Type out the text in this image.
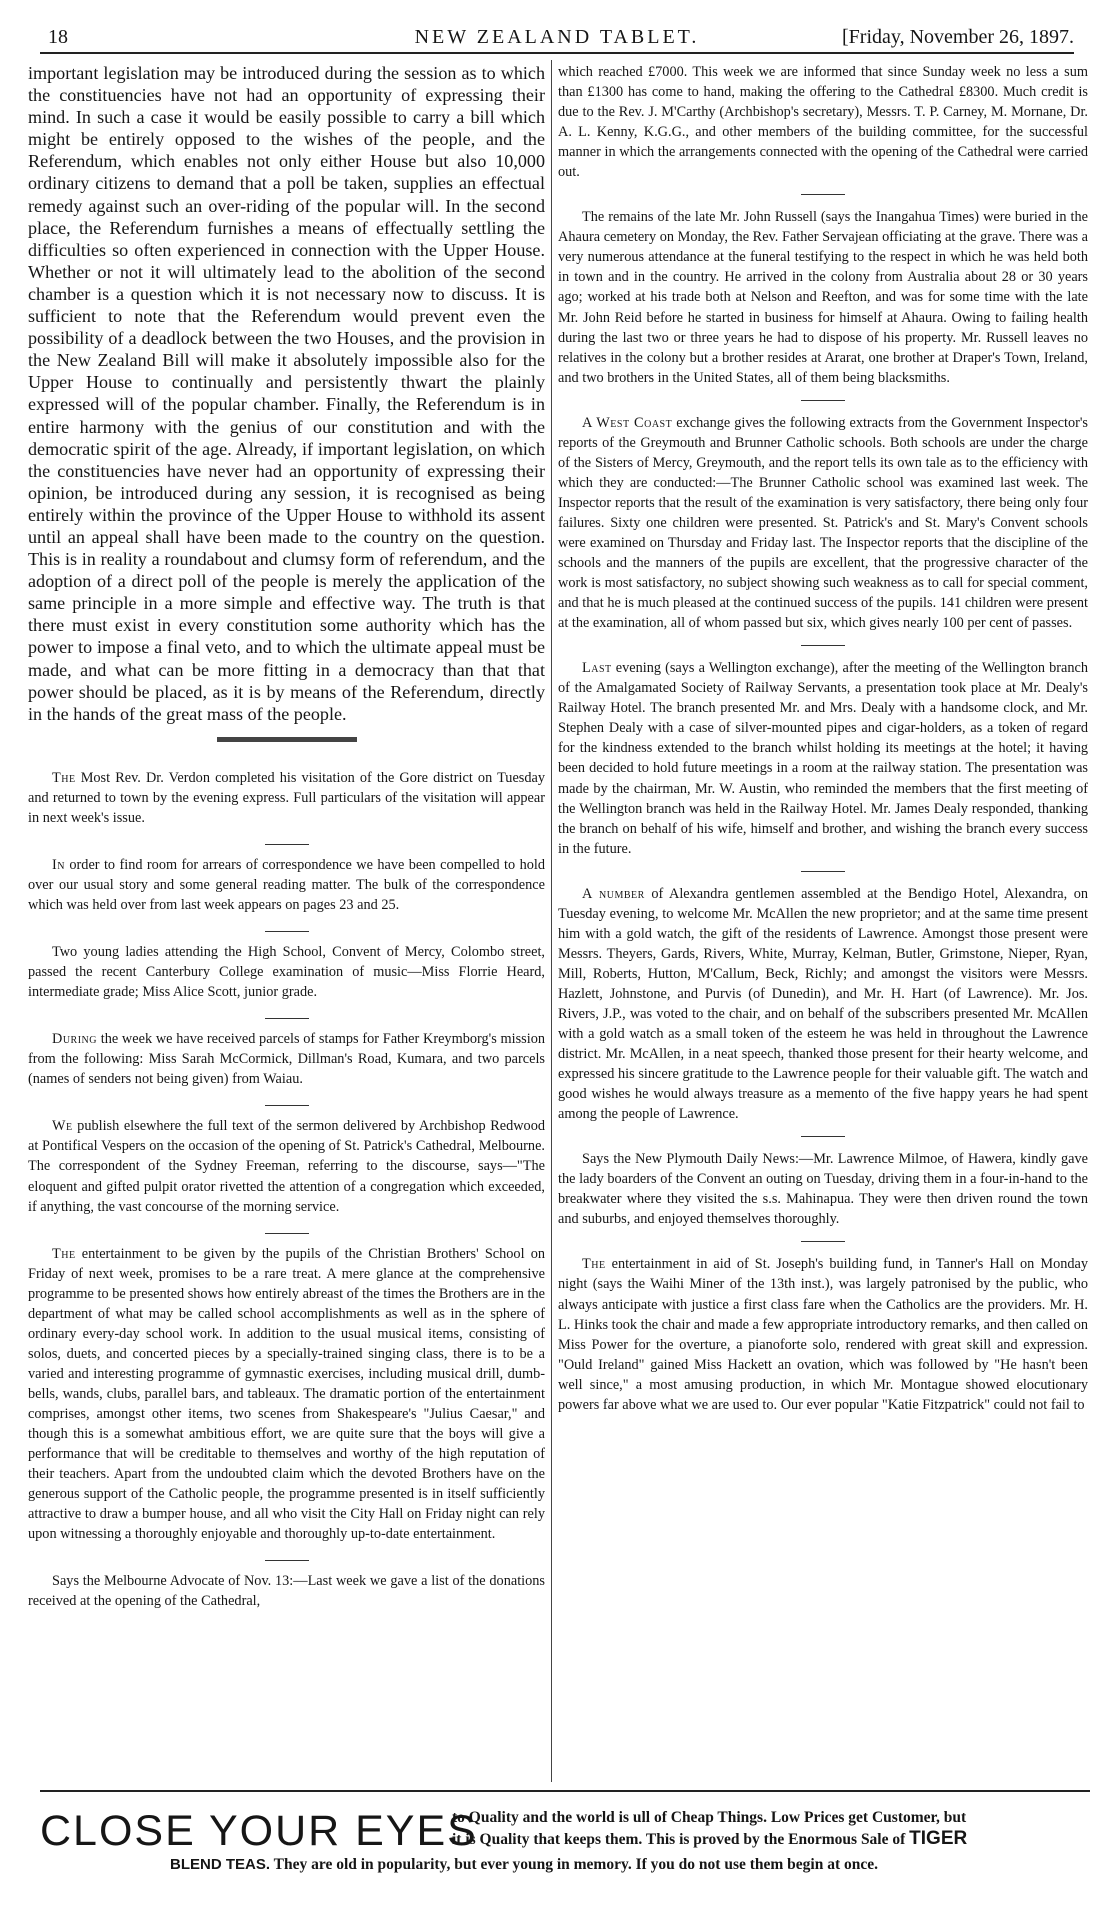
18	NEW ZEALAND TABLET.	[Friday, November 26, 1897.

important legislation may be introduced during the session as to which the constituencies have not had an opportunity of expressing their mind. In such a case it would be easily possible to carry a bill which might be entirely opposed to the wishes of the people, and the Referendum, which enables not only either House but also 10,000 ordinary citizens to demand that a poll be taken, supplies an effectual remedy against such an over-riding of the popular will. In the second place, the Referendum furnishes a means of effectually settling the difficulties so often experienced in connection with the Upper House. Whether or not it will ultimately lead to the abolition of the second chamber is a question which it is not necessary now to discuss. It is sufficient to note that the Referendum would prevent even the possibility of a deadlock between the two Houses, and the provision in the New Zealand Bill will make it absolutely impossible also for the Upper House to continually and persistently thwart the plainly expressed will of the popular chamber. Finally, the Referendum is in entire harmony with the genius of our constitution and with the democratic spirit of the age. Already, if important legislation, on which the constituencies have never had an opportunity of expressing their opinion, be introduced during any session, it is recognised as being entirely within the province of the Upper House to withhold its assent until an appeal shall have been made to the country on the question. This is in reality a roundabout and clumsy form of referendum, and the adoption of a direct poll of the people is merely the application of the same principle in a more simple and effective way. The truth is that there must exist in every constitution some authority which has the power to impose a final veto, and to which the ultimate appeal must be made, and what can be more fitting in a democracy than that that power should be placed, as it is by means of the Referendum, directly in the hands of the great mass of the people.

The Most Rev. Dr. Verdon completed his visitation of the Gore district on Tuesday and returned to town by the evening express. Full particulars of the visitation will appear in next week's issue.

In order to find room for arrears of correspondence we have been compelled to hold over our usual story and some general reading matter. The bulk of the correspondence which was held over from last week appears on pages 23 and 25.

Two young ladies attending the High School, Convent of Mercy, Colombo street, passed the recent Canterbury College examination of music—Miss Florrie Heard, intermediate grade; Miss Alice Scott, junior grade.

During the week we have received parcels of stamps for Father Kreymborg's mission from the following: Miss Sarah McCormick, Dillman's Road, Kumara, and two parcels (names of senders not being given) from Waiau.

We publish elsewhere the full text of the sermon delivered by Archbishop Redwood at Pontifical Vespers on the occasion of the opening of St. Patrick's Cathedral, Melbourne. The correspondent of the Sydney Freeman, referring to the discourse, says—"The eloquent and gifted pulpit orator rivetted the attention of a congregation which exceeded, if anything, the vast concourse of the morning service.

The entertainment to be given by the pupils of the Christian Brothers' School on Friday of next week, promises to be a rare treat. A mere glance at the comprehensive programme to be presented shows how entirely abreast of the times the Brothers are in the department of what may be called school accomplishments as well as in the sphere of ordinary every-day school work. In addition to the usual musical items, consisting of solos, duets, and concerted pieces by a specially-trained singing class, there is to be a varied and interesting programme of gymnastic exercises, including musical drill, dumb-bells, wands, clubs, parallel bars, and tableaux. The dramatic portion of the entertainment comprises, amongst other items, two scenes from Shakespeare's "Julius Caesar," and though this is a somewhat ambitious effort, we are quite sure that the boys will give a performance that will be creditable to themselves and worthy of the high reputation of their teachers. Apart from the undoubted claim which the devoted Brothers have on the generous support of the Catholic people, the programme presented is in itself sufficiently attractive to draw a bumper house, and all who visit the City Hall on Friday night can rely upon witnessing a thoroughly enjoyable and thoroughly up-to-date entertainment.

Says the Melbourne Advocate of Nov. 13:—Last week we gave a list of the donations received at the opening of the Cathedral,

which reached £7000. This week we are informed that since Sunday week no less a sum than £1300 has come to hand, making the offering to the Cathedral £8300. Much credit is due to the Rev. J. M'Carthy (Archbishop's secretary), Messrs. T. P. Carney, M. Mornane, Dr. A. L. Kenny, K.G.G., and other members of the building committee, for the successful manner in which the arrangements connected with the opening of the Cathedral were carried out.

The remains of the late Mr. John Russell (says the Inangahua Times) were buried in the Ahaura cemetery on Monday, the Rev. Father Servajean officiating at the grave. There was a very numerous attendance at the funeral testifying to the respect in which he was held both in town and in the country. He arrived in the colony from Australia about 28 or 30 years ago; worked at his trade both at Nelson and Reefton, and was for some time with the late Mr. John Reid before he started in business for himself at Ahaura. Owing to failing health during the last two or three years he had to dispose of his property. Mr. Russell leaves no relatives in the colony but a brother resides at Ararat, one brother at Draper's Town, Ireland, and two brothers in the United States, all of them being blacksmiths.

A West Coast exchange gives the following extracts from the Government Inspector's reports of the Greymouth and Brunner Catholic schools. Both schools are under the charge of the Sisters of Mercy, Greymouth, and the report tells its own tale as to the efficiency with which they are conducted:—The Brunner Catholic school was examined last week. The Inspector reports that the result of the examination is very satisfactory, there being only four failures. Sixty one children were presented. St. Patrick's and St. Mary's Convent schools were examined on Thursday and Friday last. The Inspector reports that the discipline of the schools and the manners of the pupils are excellent, that the progressive character of the work is most satisfactory, no subject showing such weakness as to call for special comment, and that he is much pleased at the continued success of the pupils. 141 children were present at the examination, all of whom passed but six, which gives nearly 100 per cent of passes.

Last evening (says a Wellington exchange), after the meeting of the Wellington branch of the Amalgamated Society of Railway Servants, a presentation took place at Mr. Dealy's Railway Hotel. The branch presented Mr. and Mrs. Dealy with a handsome clock, and Mr. Stephen Dealy with a case of silver-mounted pipes and cigar-holders, as a token of regard for the kindness extended to the branch whilst holding its meetings at the hotel; it having been decided to hold future meetings in a room at the railway station. The presentation was made by the chairman, Mr. W. Austin, who reminded the members that the first meeting of the Wellington branch was held in the Railway Hotel. Mr. James Dealy responded, thanking the branch on behalf of his wife, himself and brother, and wishing the branch every success in the future.

A number of Alexandra gentlemen assembled at the Bendigo Hotel, Alexandra, on Tuesday evening, to welcome Mr. McAllen the new proprietor; and at the same time present him with a gold watch, the gift of the residents of Lawrence. Amongst those present were Messrs. Theyers, Gards, Rivers, White, Murray, Kelman, Butler, Grimstone, Nieper, Ryan, Mill, Roberts, Hutton, M'Callum, Beck, Richly; and amongst the visitors were Messrs. Hazlett, Johnstone, and Purvis (of Dunedin), and Mr. H. Hart (of Lawrence). Mr. Jos. Rivers, J.P., was voted to the chair, and on behalf of the subscribers presented Mr. McAllen with a gold watch as a small token of the esteem he was held in throughout the Lawrence district. Mr. McAllen, in a neat speech, thanked those present for their hearty welcome, and expressed his sincere gratitude to the Lawrence people for their valuable gift. The watch and good wishes he would always treasure as a memento of the five happy years he had spent among the people of Lawrence.

Says the New Plymouth Daily News:—Mr. Lawrence Milmoe, of Hawera, kindly gave the lady boarders of the Convent an outing on Tuesday, driving them in a four-in-hand to the breakwater where they visited the s.s. Mahinapua. They were then driven round the town and suburbs, and enjoyed themselves thoroughly.

The entertainment in aid of St. Joseph's building fund, in Tanner's Hall on Monday night (says the Waihi Miner of the 13th inst.), was largely patronised by the public, who always anticipate with justice a first class fare when the Catholics are the providers. Mr. H. L. Hinks took the chair and made a few appropriate introductory remarks, and then called on Miss Power for the overture, a pianoforte solo, rendered with great skill and expression. "Ould Ireland" gained Miss Hackett an ovation, which was followed by "He hasn't been well since," a most amusing production, in which Mr. Montague showed elocutionary powers far above what we are used to. Our ever popular "Katie Fitzpatrick" could not fail to

CLOSE YOUR EYES
to Quality and the world is ull of Cheap Things. Low Prices get Customer, but
it is Quality that keeps them. This is proved by the Enormous Sale of TIGER
BLEND TEAS. They are old in popularity, but ever young in memory. If you do not use them begin at once.
